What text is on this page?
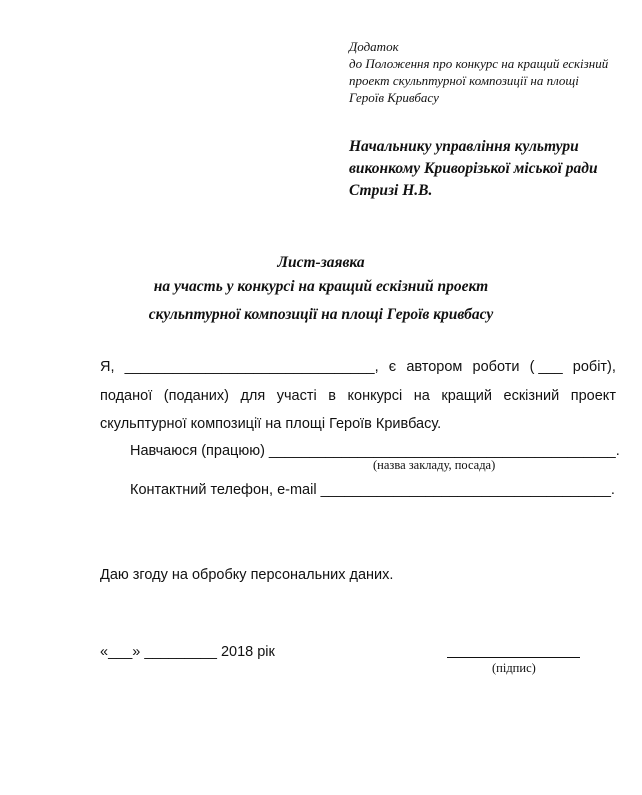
Додаток
до Положення про конкурс на кращий ескізний
проект скульптурної композиції на площі
Героїв Кривбасу
Начальнику управління культури
виконкому Криворізької міської ради
Стризі Н.В.
Лист-заявка
на участь у конкурсі на кращий ескізний проект
скульптурної композиції на площі Героїв кривбасу
Я, _______________________________, є автором роботи ( ___ робіт),
поданої (поданих) для участі в конкурсі на кращий ескізний проект
скульптурної композиції на площі Героїв Кривбасу.
Навчаюся (працюю) ___________________________________________.
(назва закладу, посада)
Контактний телефон, e-mail ____________________________________.
Даю згоду на обробку персональних даних.
«___» _________ 2018 рік
(підпис)
